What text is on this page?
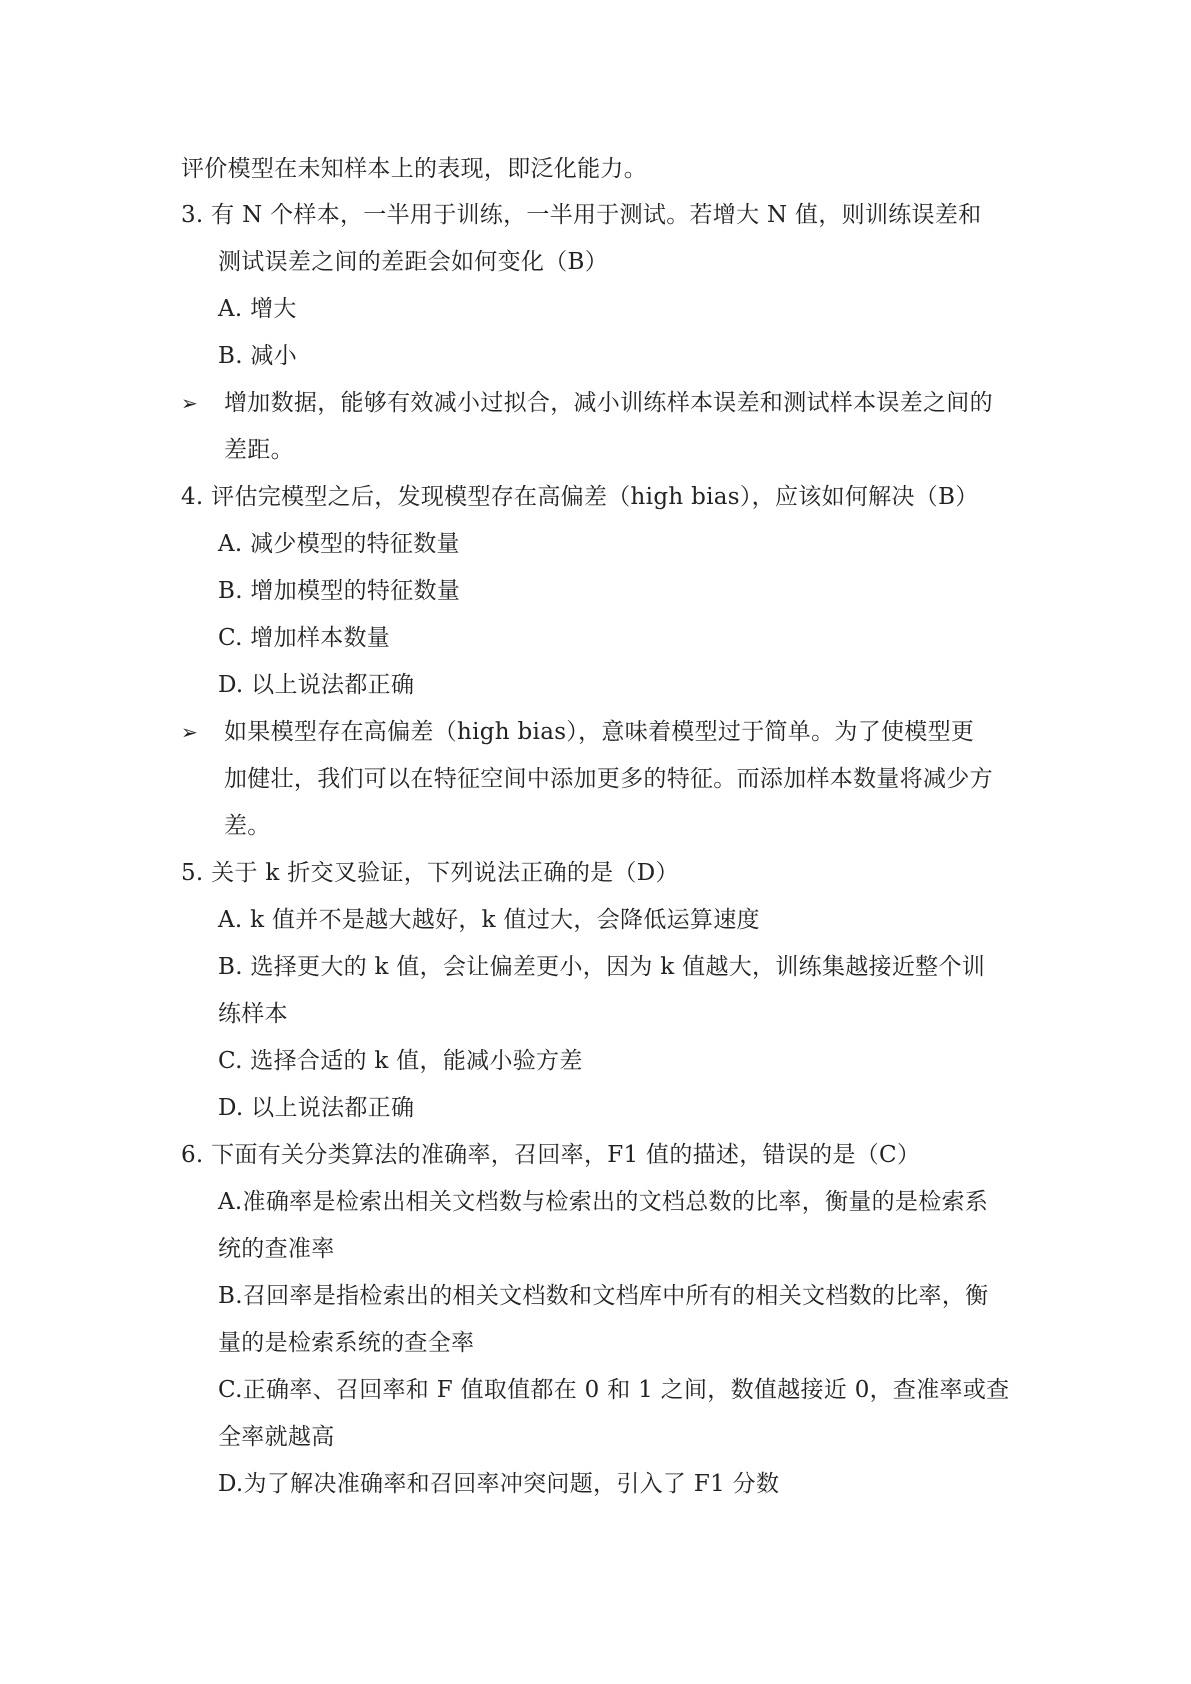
评价模型在未知样本上的表现，即泛化能力。
3. 有 N 个样本，一半用于训练，一半用于测试。若增大 N 值，则训练误差和
测试误差之间的差距会如何变化（B）
A. 增大
B. 减小
➢ 增加数据，能够有效减小过拟合，减小训练样本误差和测试样本误差之间的
差距。
4. 评估完模型之后，发现模型存在高偏差（high bias），应该如何解决（B）
A. 减少模型的特征数量
B. 增加模型的特征数量
C. 增加样本数量
D. 以上说法都正确
➢ 如果模型存在高偏差（high bias），意味着模型过于简单。为了使模型更
加健壮，我们可以在特征空间中添加更多的特征。而添加样本数量将减少方
差。
5. 关于 k 折交叉验证，下列说法正确的是（D）
A. k 值并不是越大越好，k 值过大，会降低运算速度
B. 选择更大的 k 值，会让偏差更小，因为 k 值越大，训练集越接近整个训
练样本
C. 选择合适的 k 值，能减小验方差
D. 以上说法都正确
6. 下面有关分类算法的准确率，召回率，F1 值的描述，错误的是（C）
A.准确率是检索出相关文档数与检索出的文档总数的比率，衡量的是检索系
统的查准率
B.召回率是指检索出的相关文档数和文档库中所有的相关文档数的比率，衡
量的是检索系统的查全率
C.正确率、召回率和 F 值取值都在 0 和 1 之间，数值越接近 0，查准率或查
全率就越高
D.为了解决准确率和召回率冲突问题，引入了 F1 分数
